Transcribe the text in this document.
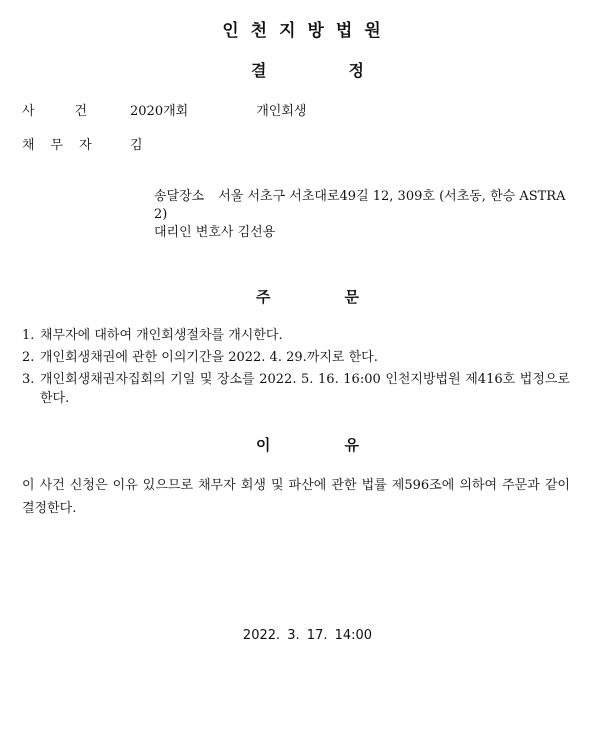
인천지방법원
결정
사건 2020개회	개인회생
채무자 김
송달장소 서울 서초구 서초대로49길 12, 309호 (서초동, 한승 ASTRA 2)
대리인 변호사 김선용
주문
1. 채무자에 대하여 개인회생절차를 개시한다.
2. 개인회생채권에 관한 이의기간을 2022. 4. 29.까지로 한다.
3. 개인회생채권자집회의 기일 및 장소를 2022. 5. 16. 16:00 인천지방법원 제416호 법정으로 한다.
이유
이 사건 신청은 이유 있으므로 채무자 회생 및 파산에 관한 법률 제596조에 의하여 주문과 같이 결정한다.
2022. 3. 17. 14:00
